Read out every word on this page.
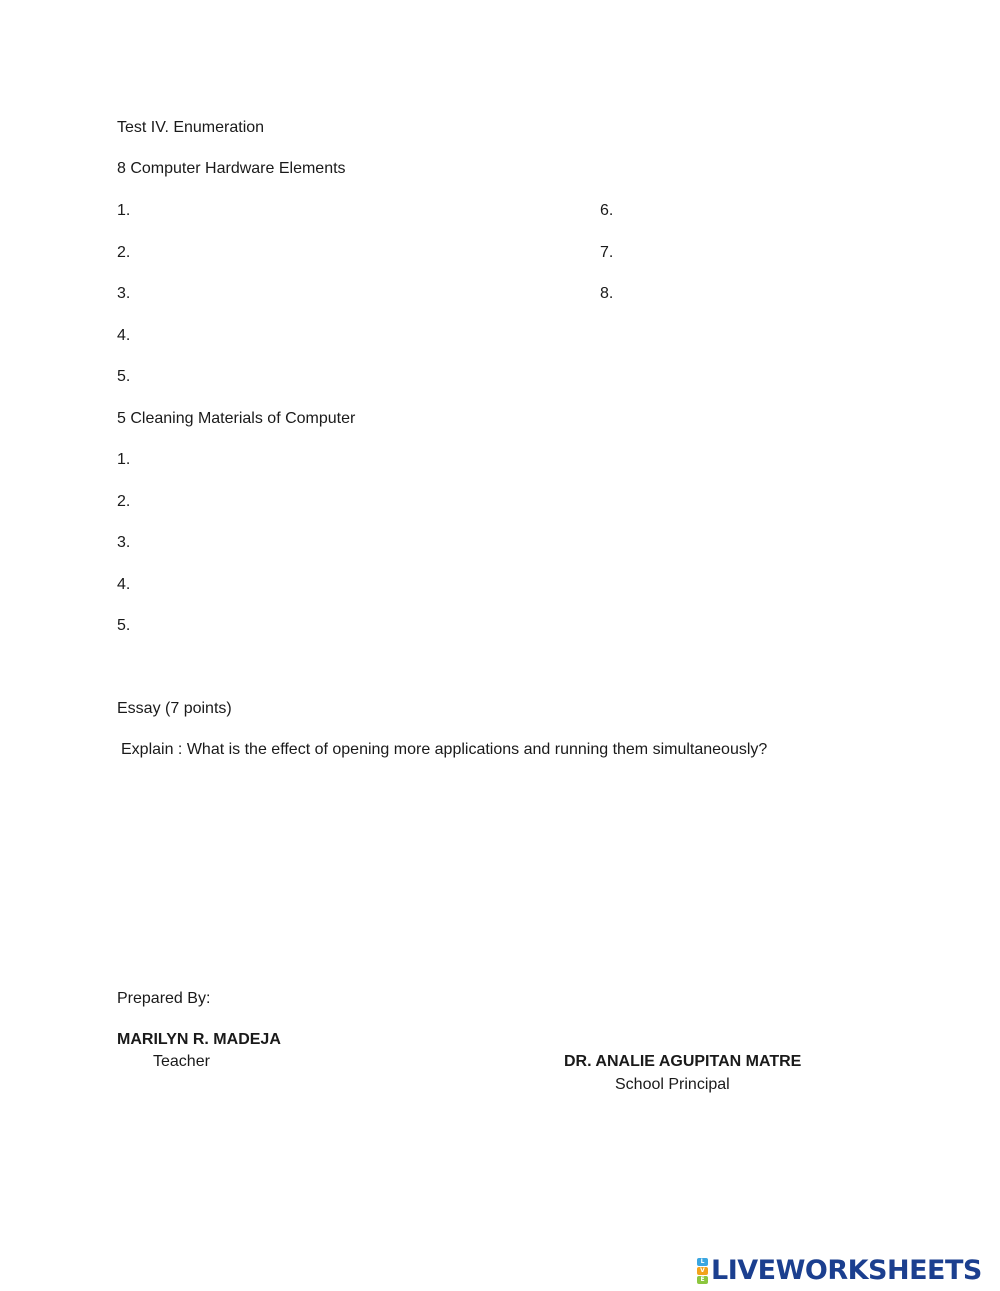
Test IV. Enumeration
8 Computer Hardware Elements
1.
2.
3.
4.
5.
6.
7.
8.
5 Cleaning Materials of Computer
1.
2.
3.
4.
5.
Essay (7 points)
Explain : What is the effect of opening more applications and running them simultaneously?
Prepared By:
MARILYN R. MADEJA
Teacher	DR. ANALIE AGUPITAN MATRE
School Principal
L
V
E LIVEWORKSHEETS
